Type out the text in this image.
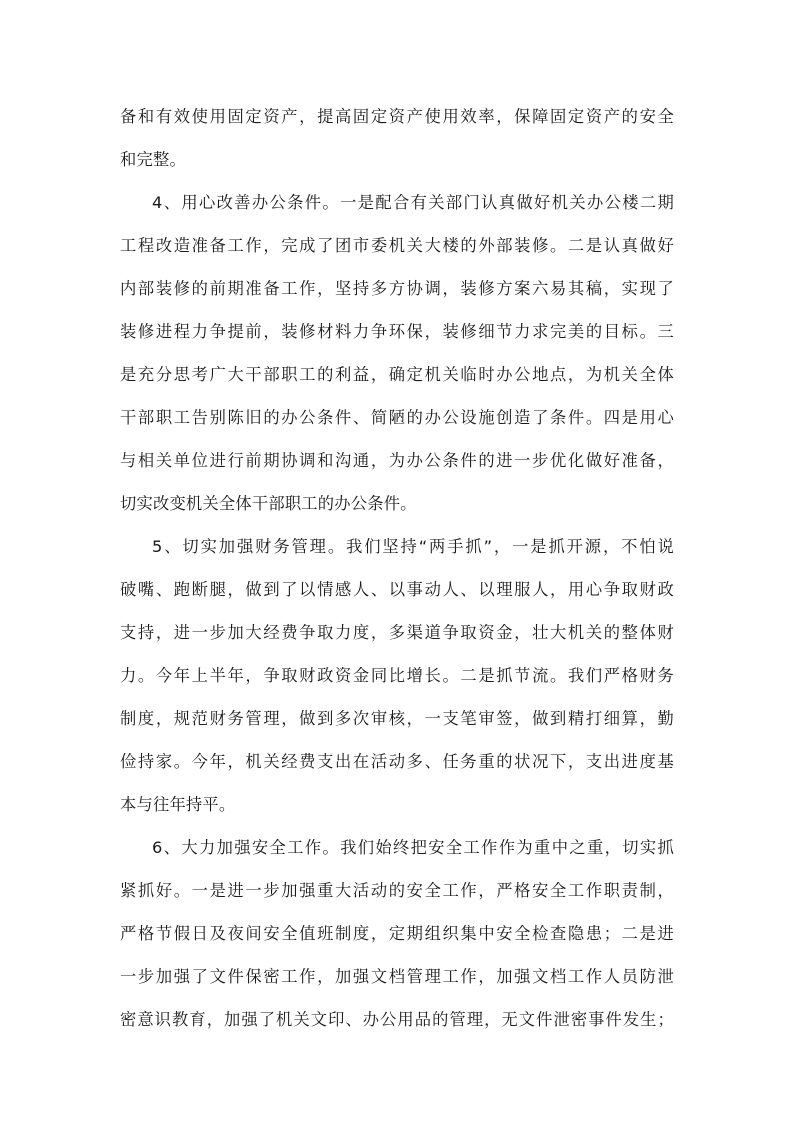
备和有效使用固定资产，提高固定资产使用效率，保障固定资产的安全
和完整。
4、用心改善办公条件。一是配合有关部门认真做好机关办公楼二期
工程改造准备工作，完成了团市委机关大楼的外部装修。二是认真做好
内部装修的前期准备工作，坚持多方协调，装修方案六易其稿，实现了
装修进程力争提前，装修材料力争环保，装修细节力求完美的目标。三
是充分思考广大干部职工的利益，确定机关临时办公地点，为机关全体
干部职工告别陈旧的办公条件、简陋的办公设施创造了条件。四是用心
与相关单位进行前期协调和沟通，为办公条件的进一步优化做好准备，
切实改变机关全体干部职工的办公条件。
5、切实加强财务管理。我们坚持“两手抓”，一是抓开源，不怕说
破嘴、跑断腿，做到了以情感人、以事动人、以理服人，用心争取财政
支持，进一步加大经费争取力度，多渠道争取资金，壮大机关的整体财
力。今年上半年，争取财政资金同比增长。二是抓节流。我们严格财务
制度，规范财务管理，做到多次审核，一支笔审签，做到精打细算，勤
俭持家。今年，机关经费支出在活动多、任务重的状况下，支出进度基
本与往年持平。
6、大力加强安全工作。我们始终把安全工作作为重中之重，切实抓
紧抓好。一是进一步加强重大活动的安全工作，严格安全工作职责制，
严格节假日及夜间安全值班制度，定期组织集中安全检查隐患；二是进
一步加强了文件保密工作，加强文档管理工作，加强文档工作人员防泄
密意识教育，加强了机关文印、办公用品的管理，无文件泄密事件发生；
